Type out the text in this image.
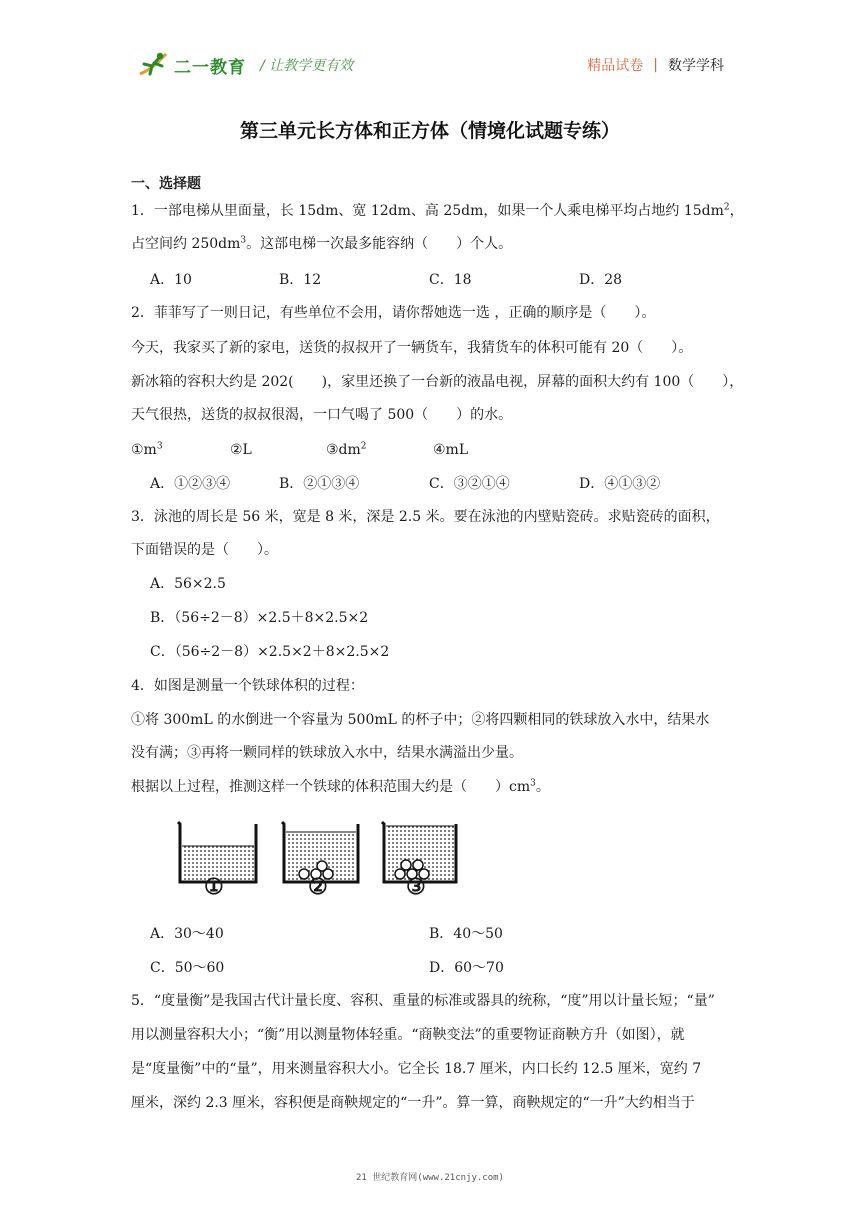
二一教育 / 让教学更有效	精品试卷 | 数学学科
第三单元长方体和正方体（情境化试题专练）
一、选择题
1．一部电梯从里面量，长 15dm、宽 12dm、高 25dm，如果一个人乘电梯平均占地约 $15dm^2$，
占空间约 $250dm^3$。这部电梯一次最多能容纳（　　）个人。
A．10	B．12	C．18	D．28
2．菲菲写了一则日记，有些单位不会用，请你帮她选一选 ，正确的顺序是（　　）。
今天，我家买了新的家电，送货的叔叔开了一辆货车，我猜货车的体积可能有 20（　　）。
新冰箱的容积大约是 202(　　)，家里还换了一台新的液晶电视，屏幕的面积大约有 100（　　），
天气很热，送货的叔叔很渴，一口气喝了 500（　　）的水。
$①m^3$	②L	$③dm^2$	④mL
A．①②③④	B．②①③④	C．③②①④	D．④①③②
3．泳池的周长是 56 米，宽是 8 米，深是 2.5 米。要在泳池的内壁贴瓷砖。求贴瓷砖的面积，
下面错误的是（　　）。
A．56×2.5
B．（56÷2－8）×2.5＋8×2.5×2
C．（56÷2－8）×2.5×2＋8×2.5×2
4．如图是测量一个铁球体积的过程：
①将 300mL 的水倒进一个容量为 500mL 的杯子中；②将四颗相同的铁球放入水中，结果水
没有满；③再将一颗同样的铁球放入水中，结果水满溢出少量。
根据以上过程，推测这样一个铁球的体积范围大约是（　　）$cm^3$。
①	②	③
A．30～40	B．40～50
C．50～60	D．60～70
5．“度量衡”是我国古代计量长度、容积、重量的标准或器具的统称，“度”用以计量长短；“量”
用以测量容积大小；“衡”用以测量物体轻重。“商鞅变法”的重要物证商鞅方升（如图），就
是“度量衡”中的“量”，用来测量容积大小。它全长 18.7 厘米，内口长约 12.5 厘米，宽约 7
厘米，深约 2.3 厘米，容积便是商鞅规定的“一升”。算一算，商鞅规定的“一升”大约相当于
21 世纪教育网(www.21cnjy.com)
